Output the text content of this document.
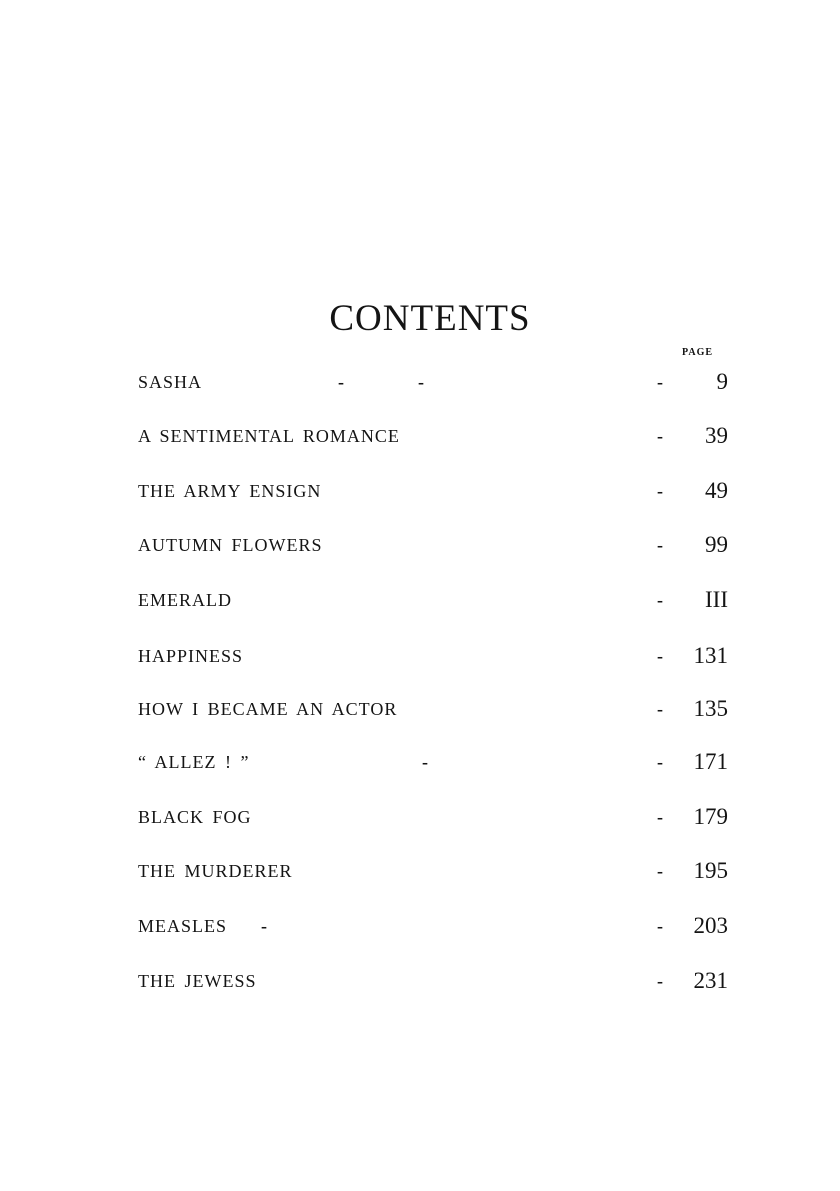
CONTENTS
PAGE
SASHA	-	-	- 9
A SENTIMENTAL ROMANCE	- 39
THE ARMY ENSIGN	- 49
AUTUMN FLOWERS	- 99
EMERALD	- III
HAPPINESS	- 131
HOW I BECAME AN ACTOR	- 135
“ ALLEZ ! ”	-	- 171
BLACK FOG	- 179
THE MURDERER	- 195
MEASLES -	- 203
THE JEWESS	- 231
